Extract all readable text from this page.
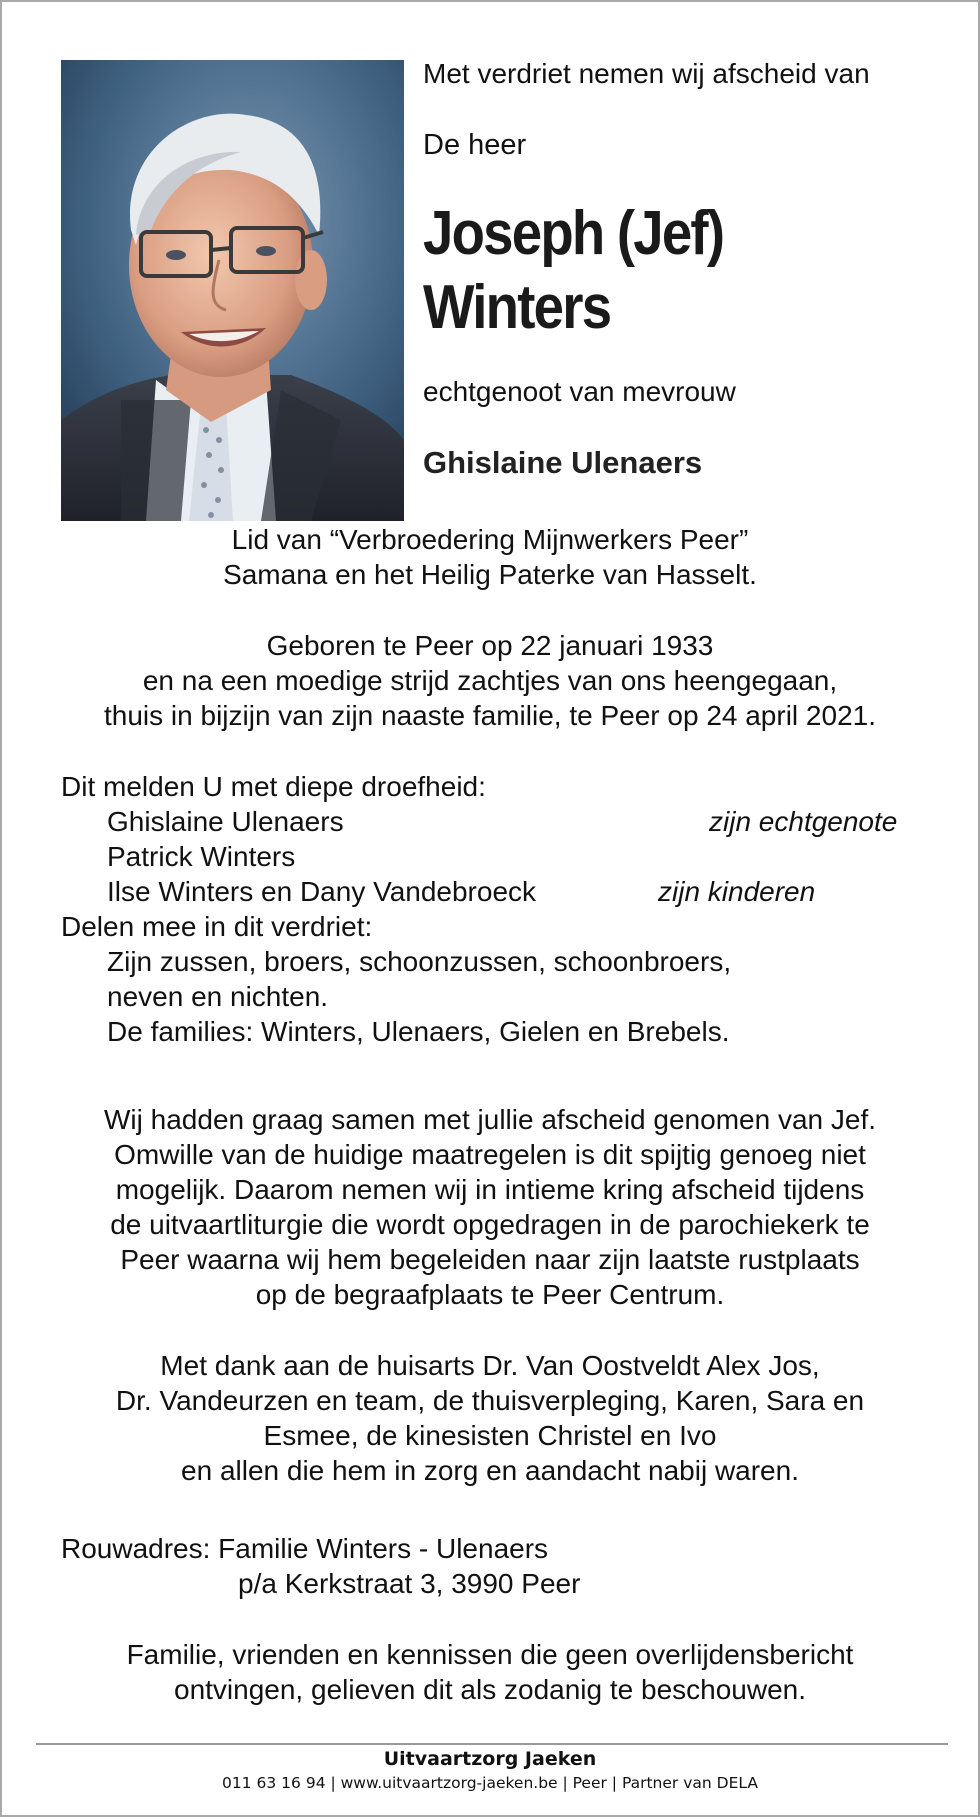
Met verdriet nemen wij afscheid van
De heer
Joseph (Jef)
Winters
echtgenoot van mevrouw
Ghislaine Ulenaers
Lid van “Verbroedering Mijnwerkers Peer”
Samana en het Heilig Paterke van Hasselt.
Geboren te Peer op 22 januari 1933
en na een moedige strijd zachtjes van ons heengegaan,
thuis in bijzijn van zijn naaste familie, te Peer op 24 april 2021.
Dit melden U met diepe droefheid:
Ghislaine Ulenaers	zijn echtgenote
Patrick Winters
Ilse Winters en Dany Vandebroeck	zijn kinderen
Delen mee in dit verdriet:
Zijn zussen, broers, schoonzussen, schoonbroers,
neven en nichten.
De families: Winters, Ulenaers, Gielen en Brebels.
Wij hadden graag samen met jullie afscheid genomen van Jef.
Omwille van de huidige maatregelen is dit spijtig genoeg niet
mogelijk. Daarom nemen wij in intieme kring afscheid tijdens
de uitvaartliturgie die wordt opgedragen in de parochiekerk te
Peer waarna wij hem begeleiden naar zijn laatste rustplaats
op de begraafplaats te Peer Centrum.
Met dank aan de huisarts Dr. Van Oostveldt Alex Jos,
Dr. Vandeurzen en team, de thuisverpleging, Karen, Sara en
Esmee, de kinesisten Christel en Ivo
en allen die hem in zorg en aandacht nabij waren.
Rouwadres: Familie Winters - Ulenaers
p/a Kerkstraat 3, 3990 Peer
Familie, vrienden en kennissen die geen overlijdensbericht
ontvingen, gelieven dit als zodanig te beschouwen.
Uitvaartzorg Jaeken
011 63 16 94 | www.uitvaartzorg-jaeken.be | Peer | Partner van DELA
